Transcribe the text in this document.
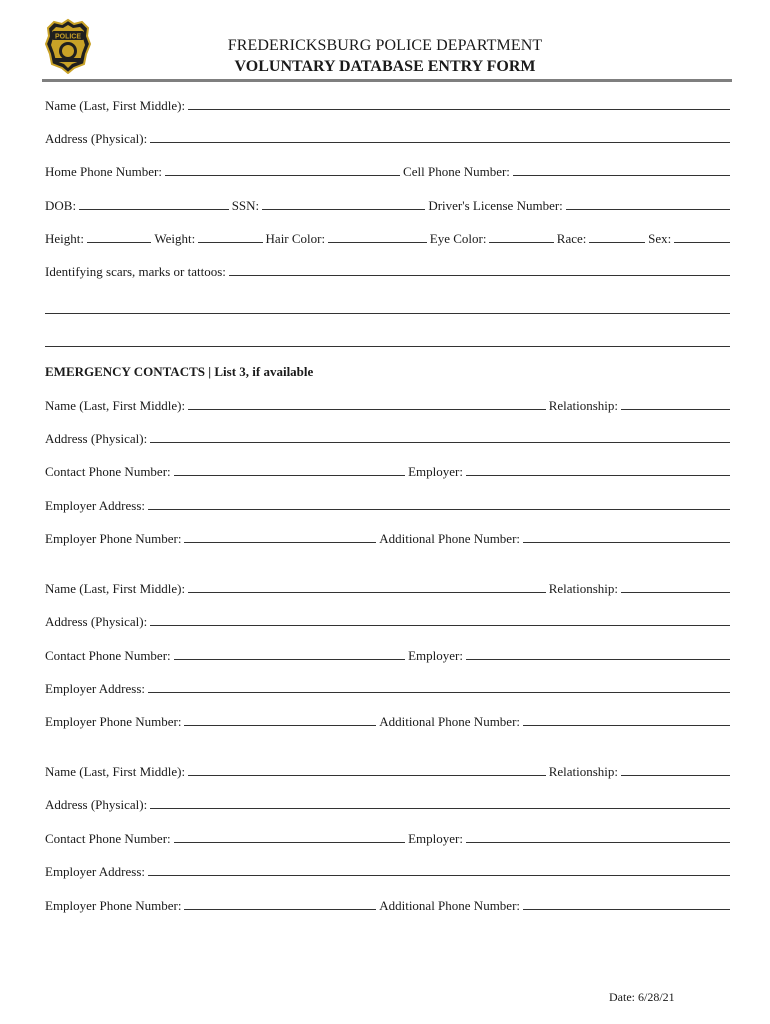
POLICE	FREDERICKSBURG POLICE DEPARTMENT
VOLUNTARY DATABASE ENTRY FORM
Name (Last, First Middle):
Address (Physical):
Home Phone Number:	Cell Phone Number:
DOB:	SSN:	Driver's License Number:
Height:	Weight:	Hair Color:	Eye Color:	Race:	Sex:
Identifying scars, marks or tattoos:
EMERGENCY CONTACTS | List 3, if available
Name (Last, First Middle):	Relationship:
Address (Physical):
Contact Phone Number:	Employer:
Employer Address:
Employer Phone Number:	Additional Phone Number:
Name (Last, First Middle):	Relationship:
Address (Physical):
Contact Phone Number:	Employer:
Employer Address:
Employer Phone Number:	Additional Phone Number:
Name (Last, First Middle):	Relationship:
Address (Physical):
Contact Phone Number:	Employer:
Employer Address:
Employer Phone Number:	Additional Phone Number:
Date: 6/28/21
